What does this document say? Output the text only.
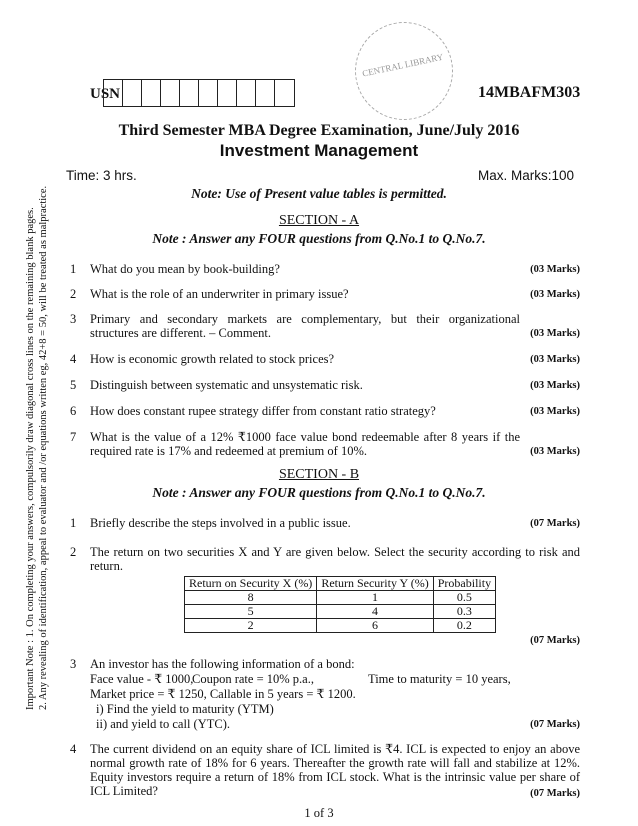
Important Note : 1. On completing your answers, compulsorily draw diagonal cross lines on the remaining blank pages. 2. Any revealing of identification, appeal to evaluator and /or equations written eg, 42+8 = 50, will be treated as malpractice.
CENTRAL LIBRARY
USN	14MBAFM303
Third Semester MBA Degree Examination, June/July 2016
Investment Management
Time: 3 hrs.	Max. Marks:100
Note: Use of Present value tables is permitted.
SECTION - A
Note : Answer any FOUR questions from Q.No.1 to Q.No.7.
1 What do you mean by book-building?	(03 Marks)
2 What is the role of an underwriter in primary issue?	(03 Marks)
3 Primary and secondary markets are complementary, but their organizational structures are different. – Comment.	(03 Marks)
4 How is economic growth related to stock prices?	(03 Marks)
5 Distinguish between systematic and unsystematic risk.	(03 Marks)
6 How does constant rupee strategy differ from constant ratio strategy?	(03 Marks)
7 What is the value of a 12% ₹1000 face value bond redeemable after 8 years if the required rate is 17% and redeemed at premium of 10%.	(03 Marks)
SECTION - B
Note : Answer any FOUR questions from Q.No.1 to Q.No.7.
1 Briefly describe the steps involved in a public issue.	(07 Marks)
2 The return on two securities X and Y are given below. Select the security according to risk and return.
Return on Security X (%)	Return Security Y (%)	Probability
8	1	0.5
5	4	0.3
2	6	0.2
(07 Marks)
3 An investor has the following information of a bond:
Face value - ₹ 1000,
Coupon rate = 10% p.a.,	Time to maturity = 10 years,
Market price = ₹ 1250, Callable in 5 years = ₹ 1200.
i) Find the yield to maturity (YTM)
ii) and yield to call (YTC).	(07 Marks)
4 The current dividend on an equity share of ICL limited is ₹4. ICL is expected to enjoy an above normal growth rate of 18% for 6 years. Thereafter the growth rate will fall and stabilize at 12%. Equity investors require a return of 18% from ICL stock. What is the intrinsic value per share of ICL Limited?	(07 Marks)
1 of 3
